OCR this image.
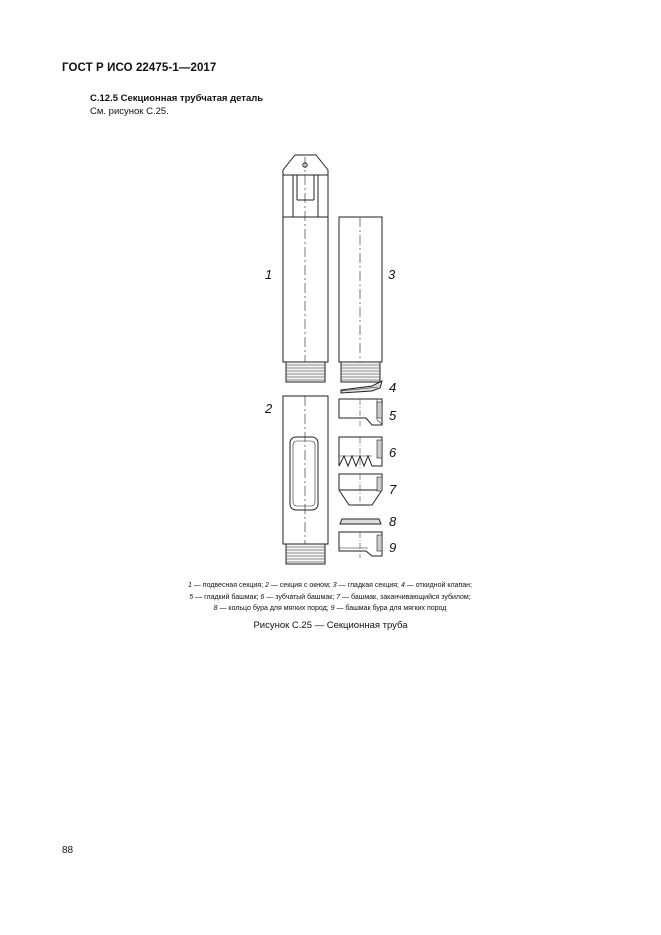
ГОСТ Р ИСО 22475-1—2017
С.12.5 Секционная трубчатая деталь
См. рисунок С.25.
1
2
3
4
5
6
7
8
9
1 — подвесная секция; 2 — секция с окном; 3 — гладкая секция; 4 — откидной клапан;
5 — гладкий башмак; 6 — зубчатый башмак; 7 — башмак, заканчивающийся зубилом;
8 — кольцо бура для мягких пород; 9 — башмак бура для мягких пород
Рисунок С.25 — Секционная труба
88
